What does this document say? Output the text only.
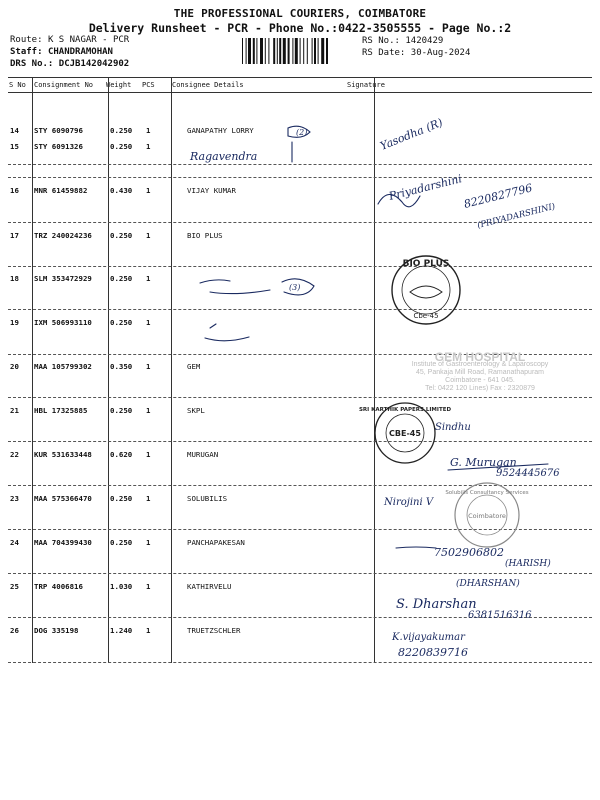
THE PROFESSIONAL COURIERS, COIMBATORE
Delivery Runsheet - PCR - Phone No.:0422-3505555 - Page No.:2
Route: K S NAGAR - PCR
Staff: CHANDRAMOHAN
DRS No.: DCJB142042902
RS No.: 1420429
RS Date: 30-Aug-2024
S No Consignment No Weight PCS Consignee Details	Signature
14 STY 6090796	0.250 1	GANAPATHY LORRY
15 STY 6091326	0.250 1
16 MNR 61459882	0.430 1	VIJAY KUMAR
17 TRZ 240024236 0.250 1	BIO PLUS
18 SLM 353472929 0.250 1
19 IXM 506993110 0.250 1
20 MAA 105799302 0.350 1	GEM
21 HBL 17325885	0.250 1	SKPL
22 KUR 531633448 0.620 1	MURUGAN
23 MAA 575366470 0.250 1	SOLUBILIS
24 MAA 704399430 0.250 1	PANCHAPAKESAN
25 TRP 4006816	1.030 1	KATHIRVELU
26 DOG 335198	1.240 1	TRUETZSCHLER
GEM HOSPITAL
Institute of Gastroenterology & Laparoscopy
45, Pankaja Mill Road, Ramanathapuram
Coimbatore - 641 045.
Tel: 0422 120 Lines) Fax : 2320879
BIO PLUS
Cbe-45
SRI KARTHIK PAPERS LIMITED
CBE-45
Solubilis Consultancy Services
Coimbatore
(2)
Ragavendra
Yasodha (R)
Priyadarshini 8220827796
(PRIYADARSHINI)
(3)
Sindhu
G. Murugan
9524445676
Nirojini V
7502906802
(HARISH)
(DHARSHAN)
S. Dharshan
6381516316
K.vijayakumar
8220839716
